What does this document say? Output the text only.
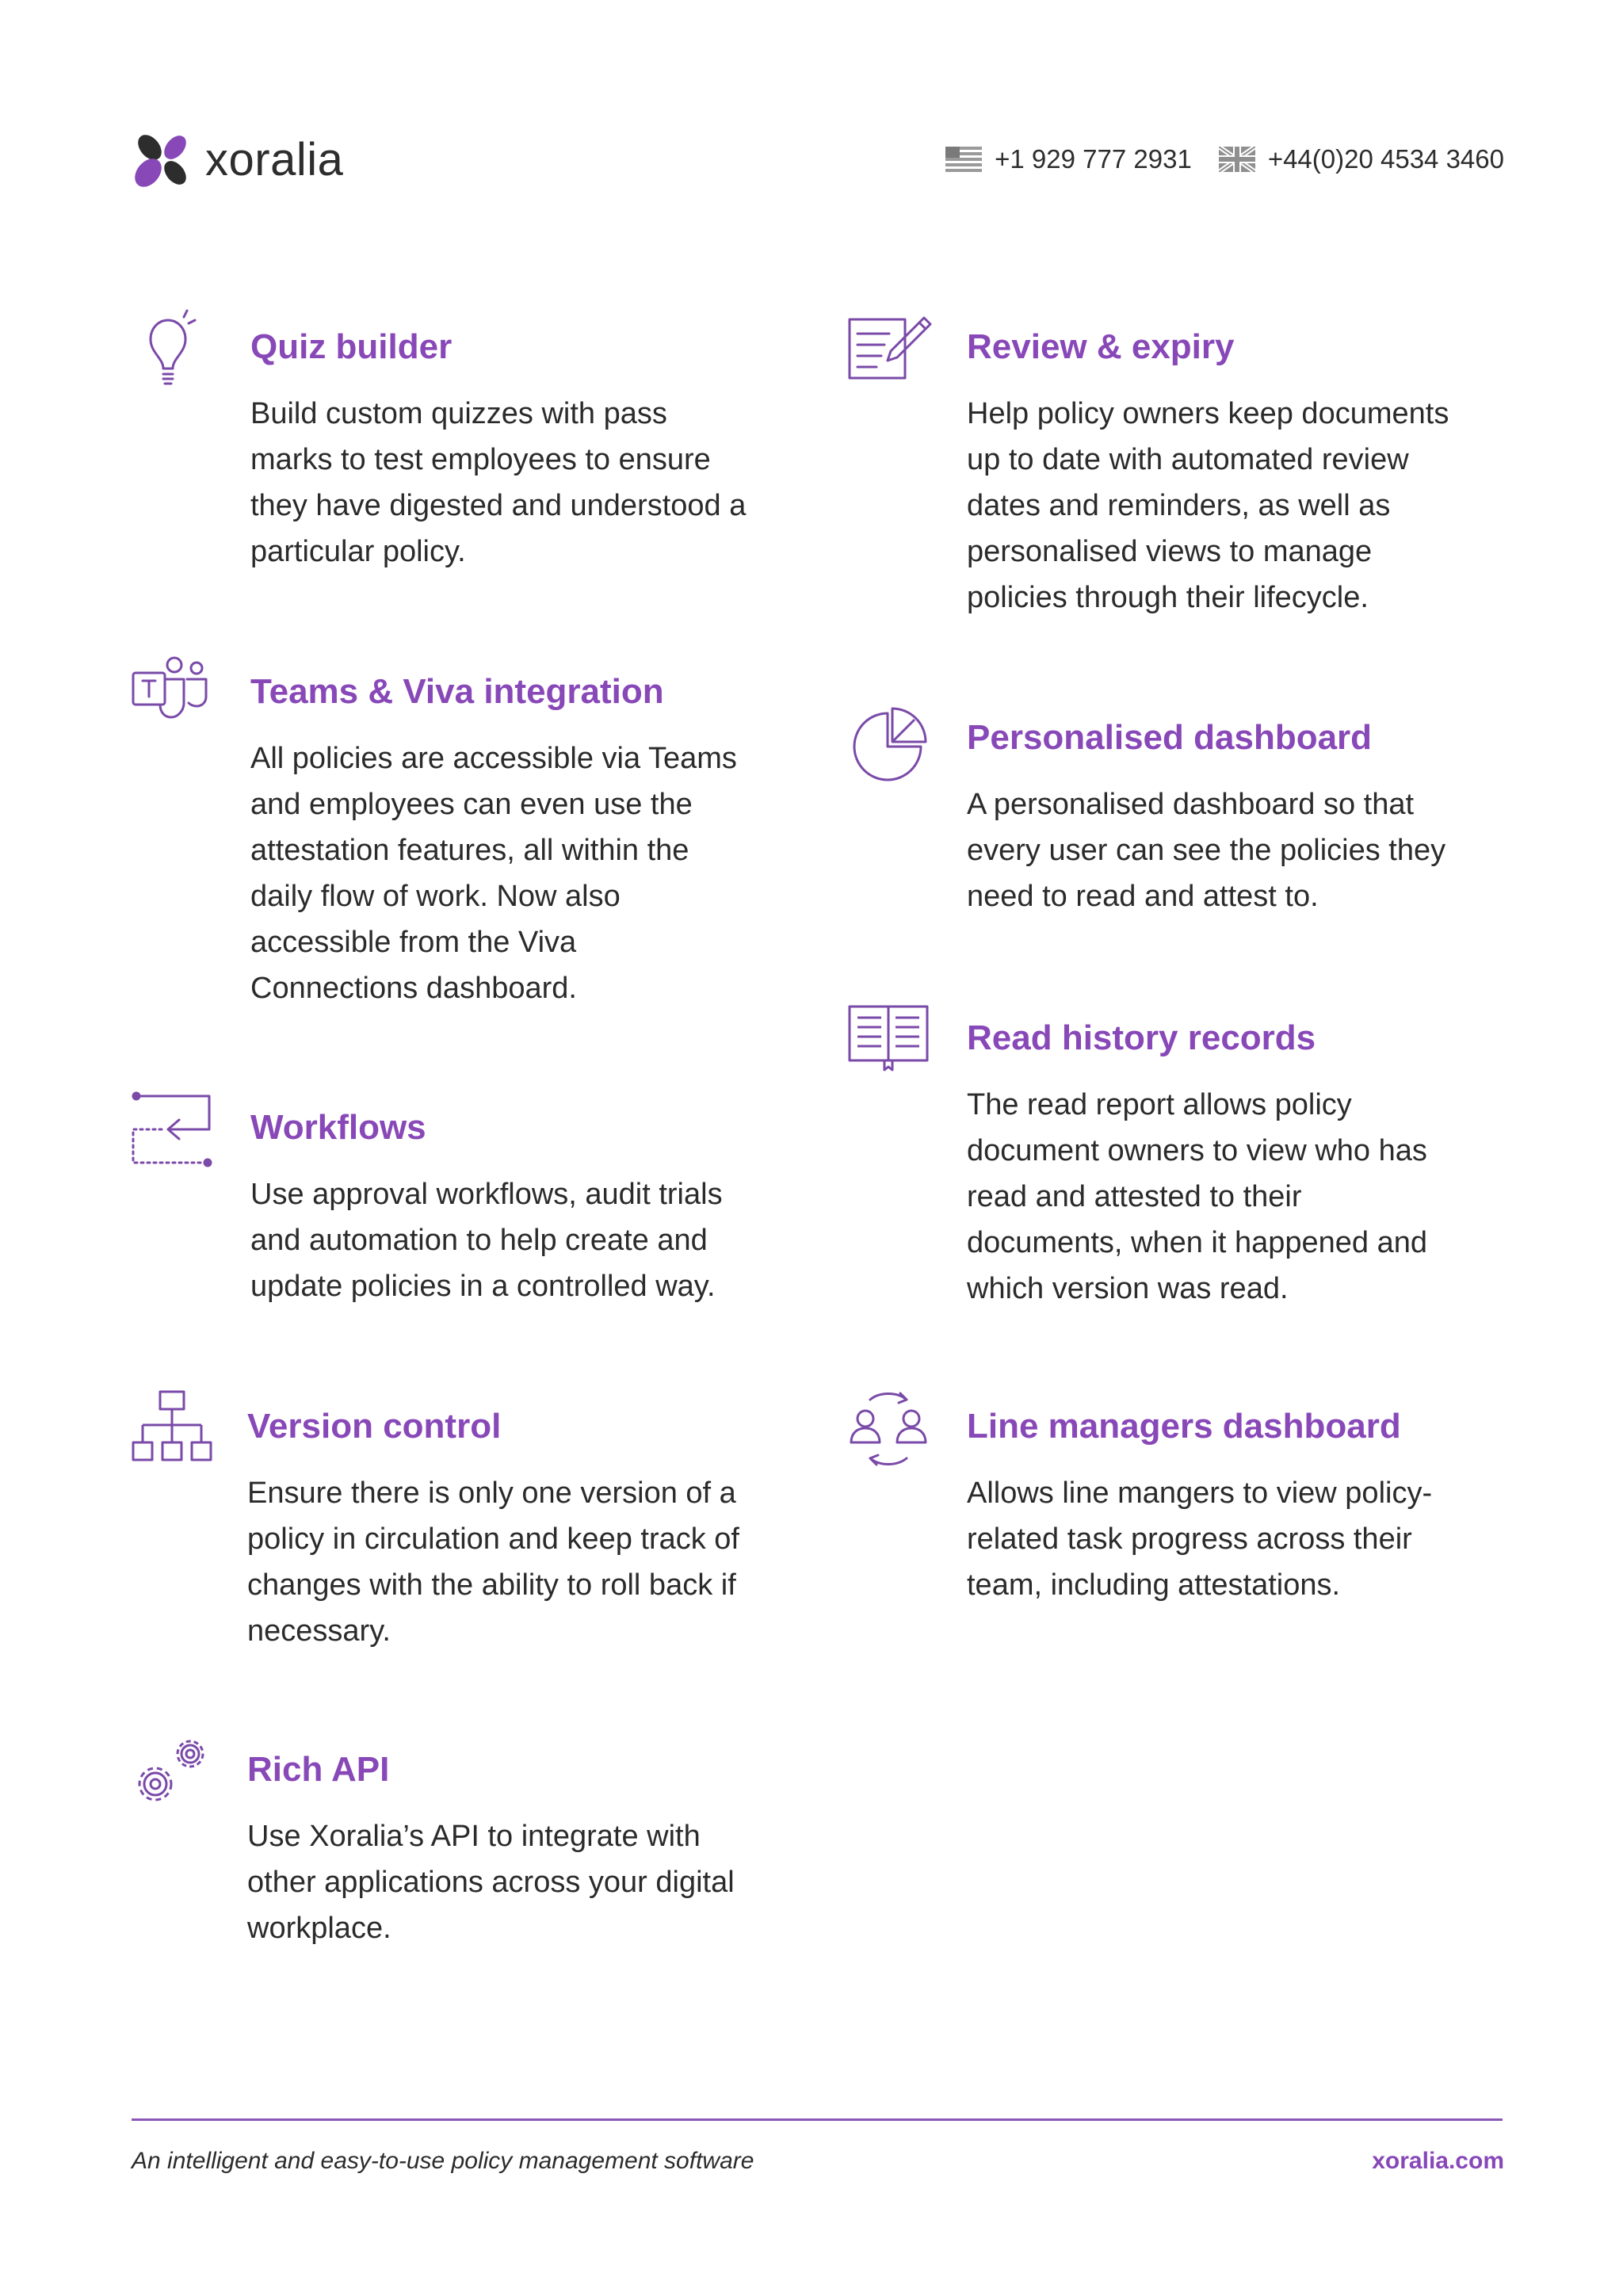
xoralia	+1 929 777 2931	+44(0)20 4534 3460
Quiz builder

Build custom quizzes with pass
marks to test employees to ensure
they have digested and understood a
particular policy.

Teams & Viva integration

All policies are accessible via Teams
and employees can even use the
attestation features, all within the
daily flow of work. Now also
accessible from the Viva
Connections dashboard.

Workflows

Use approval workflows, audit trials
and automation to help create and
update policies in a controlled way.

Version control

Ensure there is only one version of a
policy in circulation and keep track of
changes with the ability to roll back if
necessary.

Rich API

Use Xoralia’s API to integrate with
other applications across your digital
workplace.

Review & expiry

Help policy owners keep documents
up to date with automated review
dates and reminders, as well as
personalised views to manage
policies through their lifecycle.

Personalised dashboard

A personalised dashboard so that
every user can see the policies they
need to read and attest to.

Read history records

The read report allows policy
document owners to view who has
read and attested to their
documents, when it happened and
which version was read.

Line managers dashboard

Allows line mangers to view policy-
related task progress across their
team, including attestations.

An intelligent and easy-to-use policy management software	xoralia.com
